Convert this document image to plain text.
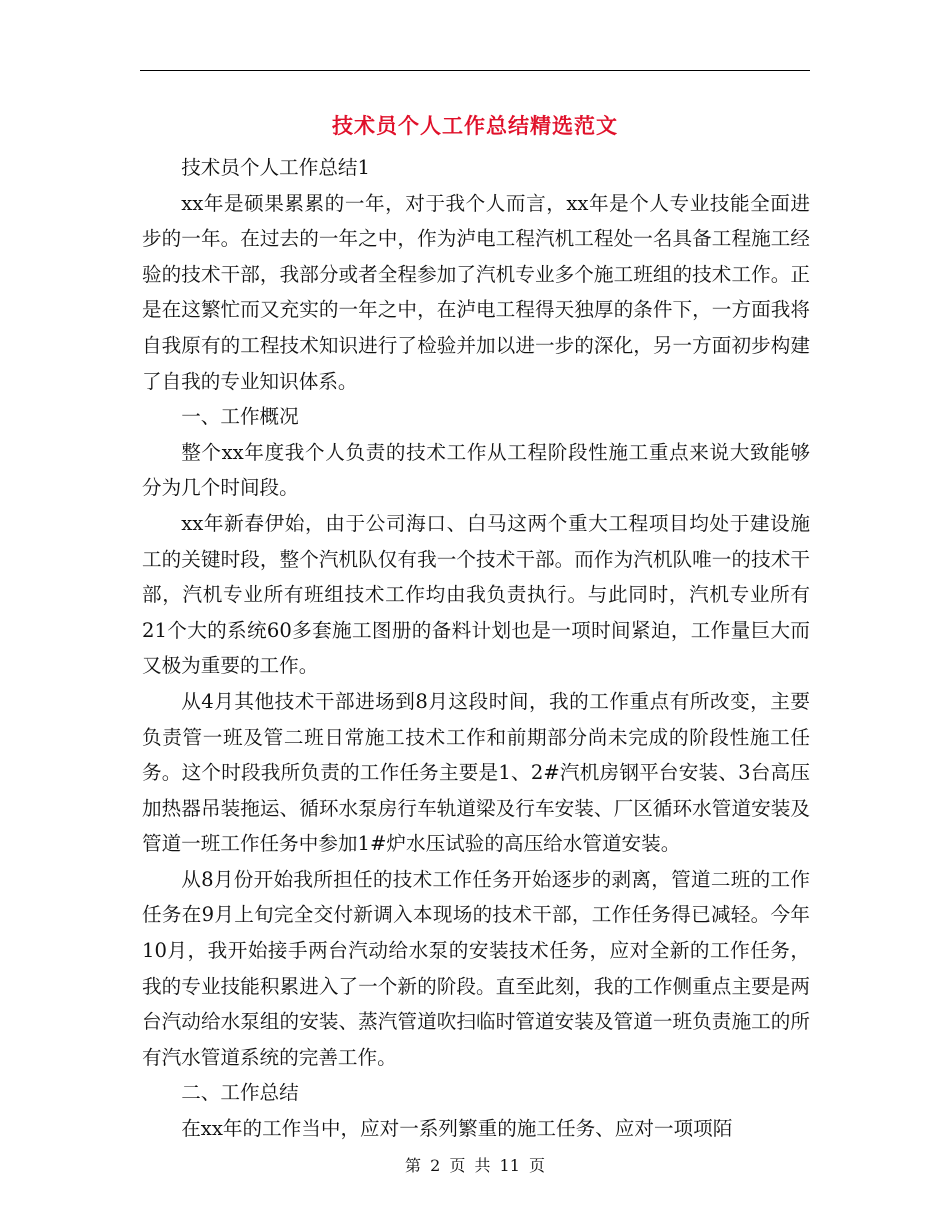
技术员个人工作总结精选范文

技术员个人工作总结1

xx年是硕果累累的一年，对于我个人而言，xx年是个人专业技能全面进步的一年。在过去的一年之中，作为泸电工程汽机工程处一名具备工程施工经验的技术干部，我部分或者全程参加了汽机专业多个施工班组的技术工作。正是在这繁忙而又充实的一年之中，在泸电工程得天独厚的条件下，一方面我将自我原有的工程技术知识进行了检验并加以进一步的深化，另一方面初步构建了自我的专业知识体系。

一、工作概况

整个xx年度我个人负责的技术工作从工程阶段性施工重点来说大致能够分为几个时间段。

xx年新春伊始，由于公司海口、白马这两个重大工程项目均处于建设施工的关键时段，整个汽机队仅有我一个技术干部。而作为汽机队唯一的技术干部，汽机专业所有班组技术工作均由我负责执行。与此同时，汽机专业所有21个大的系统60多套施工图册的备料计划也是一项时间紧迫，工作量巨大而又极为重要的工作。

从4月其他技术干部进场到8月这段时间，我的工作重点有所改变，主要负责管一班及管二班日常施工技术工作和前期部分尚未完成的阶段性施工任务。这个时段我所负责的工作任务主要是1、2#汽机房钢平台安装、3台高压加热器吊装拖运、循环水泵房行车轨道梁及行车安装、厂区循环水管道安装及管道一班工作任务中参加1#炉水压试验的高压给水管道安装。

从8月份开始我所担任的技术工作任务开始逐步的剥离，管道二班的工作任务在9月上旬完全交付新调入本现场的技术干部，工作任务得已减轻。今年10月，我开始接手两台汽动给水泵的安装技术任务，应对全新的工作任务，我的专业技能积累进入了一个新的阶段。直至此刻，我的工作侧重点主要是两台汽动给水泵组的安装、蒸汽管道吹扫临时管道安装及管道一班负责施工的所有汽水管道系统的完善工作。

二、工作总结

在xx年的工作当中，应对一系列繁重的施工任务、应对一项项陌

第 2 页 共 11 页
